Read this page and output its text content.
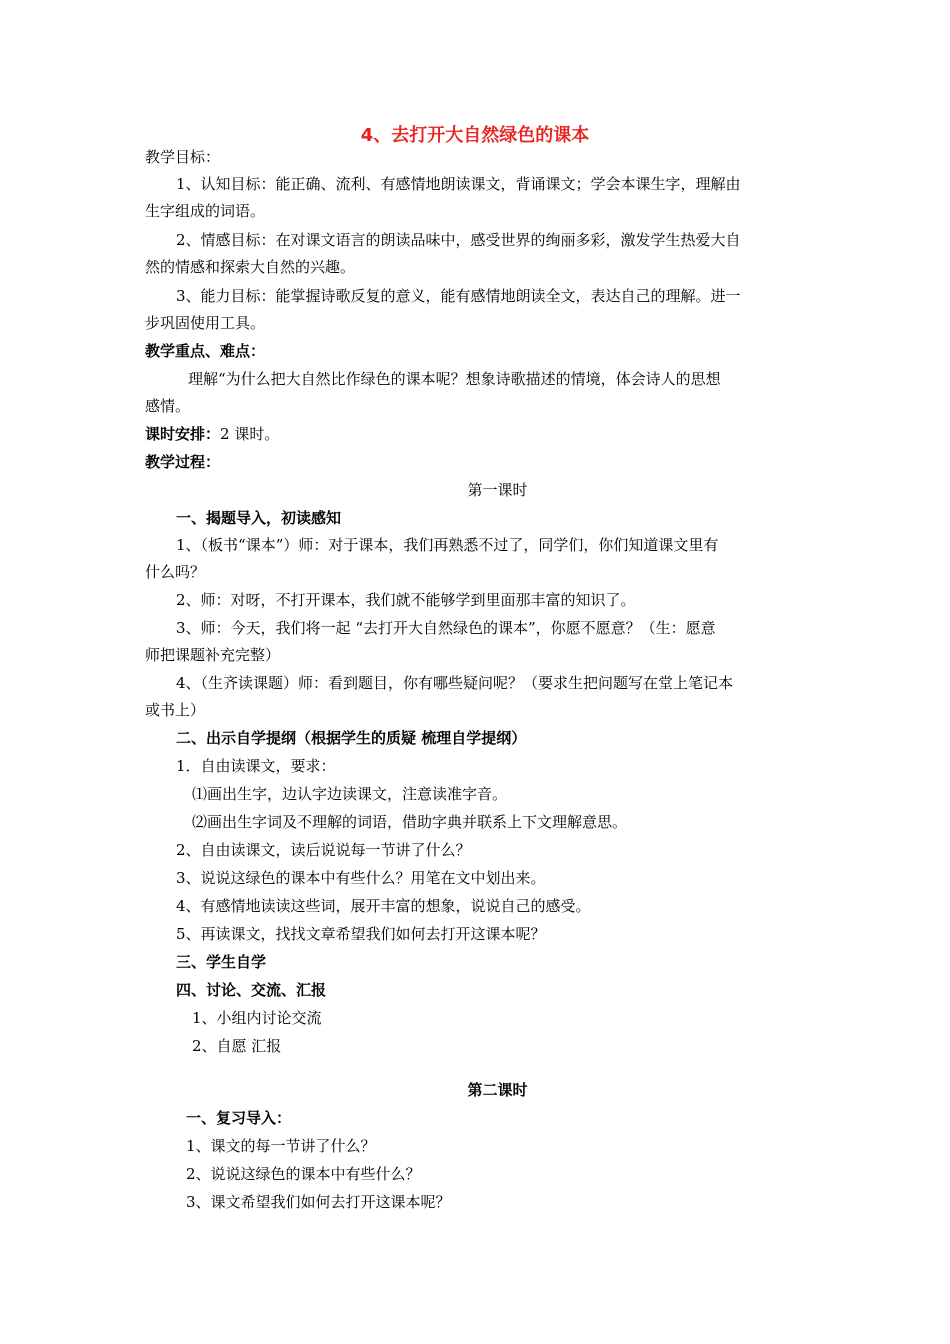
4、去打开大自然绿色的课本
教学目标：
1、认知目标：能正确、流利、有感情地朗读课文，背诵课文；学会本课生字，理解由
生字组成的词语。
2、情感目标：在对课文语言的朗读品味中，感受世界的绚丽多彩，激发学生热爱大自
然的情感和探索大自然的兴趣。
3、能力目标：能掌握诗歌反复的意义，能有感情地朗读全文，表达自己的理解。进一
步巩固使用工具。
教学重点、难点：
理解“为什么把大自然比作绿色的课本呢？想象诗歌描述的情境，体会诗人的思想
感情。
课时安排：2 课时。
教学过程：
第一课时
一、揭题导入，初读感知
1、（板书“课本”）师：对于课本，我们再熟悉不过了，同学们，你们知道课文里有
什么吗？
2、师：对呀，不打开课本，我们就不能够学到里面那丰富的知识了。
3、师：今天，我们将一起 “去打开大自然绿色的课本”，你愿不愿意？（生：愿意
师把课题补充完整）
4、（生齐读课题）师：看到题目，你有哪些疑问呢？（要求生把问题写在堂上笔记本
或书上）
二、出示自学提纲（根据学生的质疑 梳理自学提纲）
1．自由读课文，要求：
⑴画出生字，边认字边读课文，注意读准字音。
⑵画出生字词及不理解的词语，借助字典并联系上下文理解意思。
2、自由读课文，读后说说每一节讲了什么？
3、说说这绿色的课本中有些什么？用笔在文中划出来。
4、有感情地读读这些词，展开丰富的想象，说说自己的感受。
5、再读课文，找找文章希望我们如何去打开这课本呢？
三、学生自学
四、讨论、交流、汇报
1、小组内讨论交流
2、自愿 汇报
第二课时
一、复习导入：
1、课文的每一节讲了什么？
2、说说这绿色的课本中有些什么？
3、课文希望我们如何去打开这课本呢？
